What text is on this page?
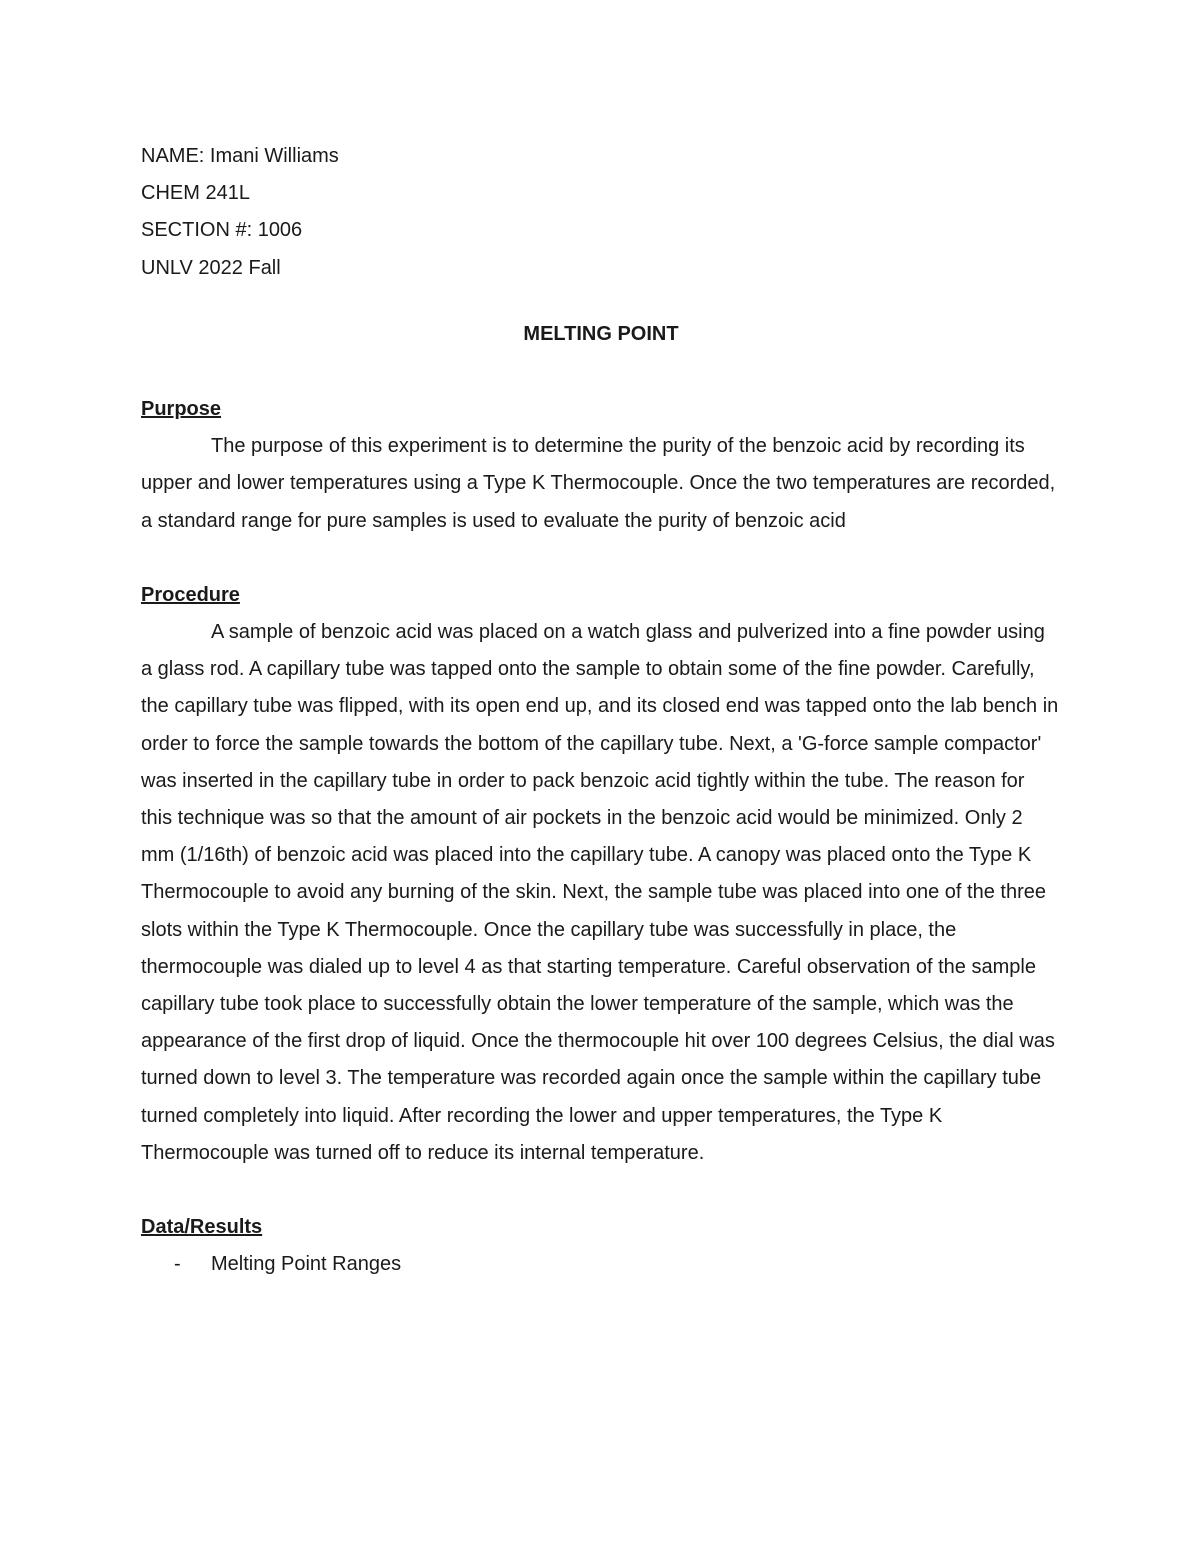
NAME: Imani Williams

CHEM 241L

SECTION #: 1006

UNLV 2022 Fall

MELTING POINT

Purpose

The purpose of this experiment is to determine the purity of the benzoic acid by recording its upper and lower temperatures using a Type K Thermocouple. Once the two temperatures are recorded, a standard range for pure samples is used to evaluate the purity of benzoic acid

Procedure

A sample of benzoic acid was placed on a watch glass and pulverized into a fine powder using a glass rod. A capillary tube was tapped onto the sample to obtain some of the fine powder. Carefully, the capillary tube was flipped, with its open end up, and its closed end was tapped onto the lab bench in order to force the sample towards the bottom of the capillary tube. Next, a 'G-force sample compactor' was inserted in the capillary tube in order to pack benzoic acid tightly within the tube. The reason for this technique was so that the amount of air pockets in the benzoic acid would be minimized. Only 2 mm (1/16th) of benzoic acid was placed into the capillary tube. A canopy was placed onto the Type K Thermocouple to avoid any burning of the skin. Next, the sample tube was placed into one of the three slots within the Type K Thermocouple. Once the capillary tube was successfully in place, the thermocouple was dialed up to level 4 as that starting temperature. Careful observation of the sample capillary tube took place to successfully obtain the lower temperature of the sample, which was the appearance of the first drop of liquid. Once the thermocouple hit over 100 degrees Celsius, the dial was turned down to level 3. The temperature was recorded again once the sample within the capillary tube turned completely into liquid. After recording the lower and upper temperatures, the Type K Thermocouple was turned off to reduce its internal temperature.

Data/Results

- Melting Point Ranges
